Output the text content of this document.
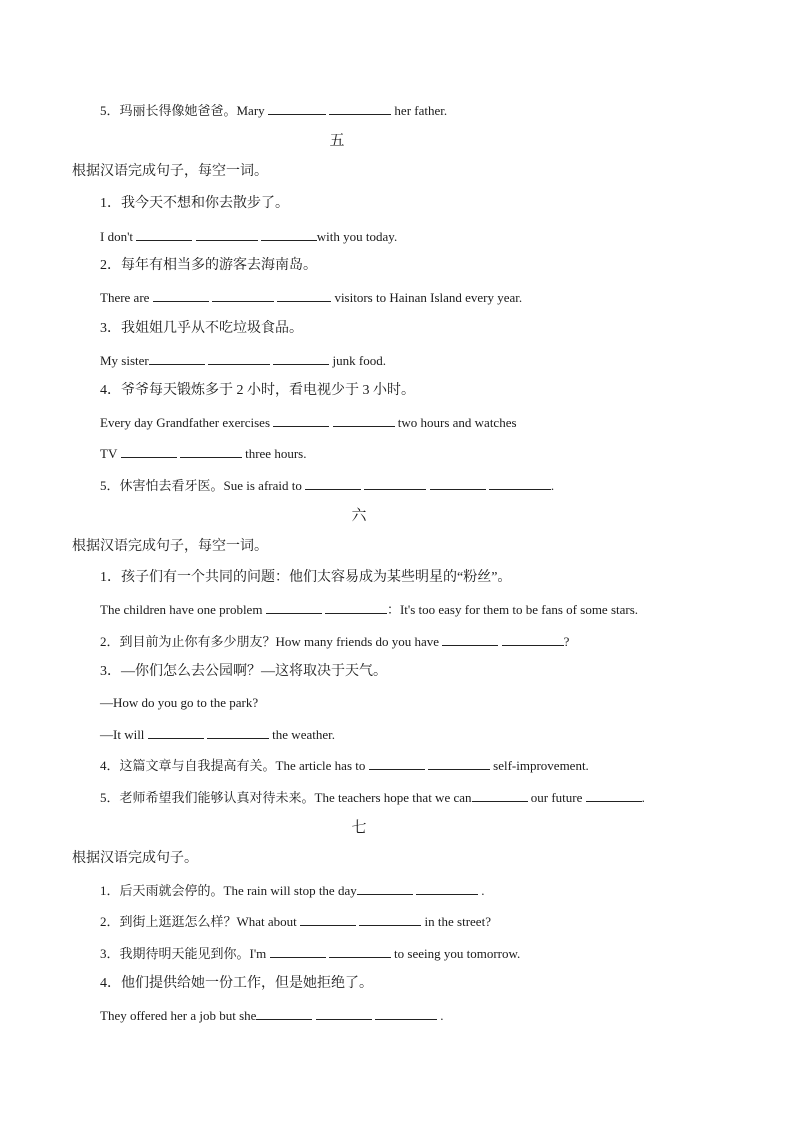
5．玛丽长得像她爸爸。Mary	her father.
五
根据汉语完成句子，每空一词。
1．我今天不想和你去散步了。
I don't	with you today.
2．每年有相当多的游客去海南岛。
There are	visitors to Hainan Island every year.
3．我姐姐几乎从不吃垃圾食品。
My sister	junk food.
4．爷爷每天锻炼多于 2 小时，看电视少于 3 小时。
Every day Grandfather exercises	two hours and watches
TV	three hours.
5．休害怕去看牙医。Sue is afraid to	.
六
根据汉语完成句子，每空一词。
1．孩子们有一个共同的问题：他们太容易成为某些明星的“粉丝”。
The children have one problem	：It's too easy for them to be fans of some stars.
2．到目前为止你有多少朋友？How many friends do you have	?
3．—你们怎么去公园啊？—这将取决于天气。
—How do you go to the park?
—It will	the weather.
4．这篇文章与自我提高有关。The article has to	self-improvement.
5．老师希望我们能够认真对待未来。The teachers hope that we can	our future	.
七
根据汉语完成句子。
1．后天雨就会停的。The rain will stop the day	.
2．到街上逛逛怎么样？What about	in the street?
3．我期待明天能见到你。I'm	to seeing you tomorrow.
4．他们提供给她一份工作，但是她拒绝了。
They offered her a job but she	.
